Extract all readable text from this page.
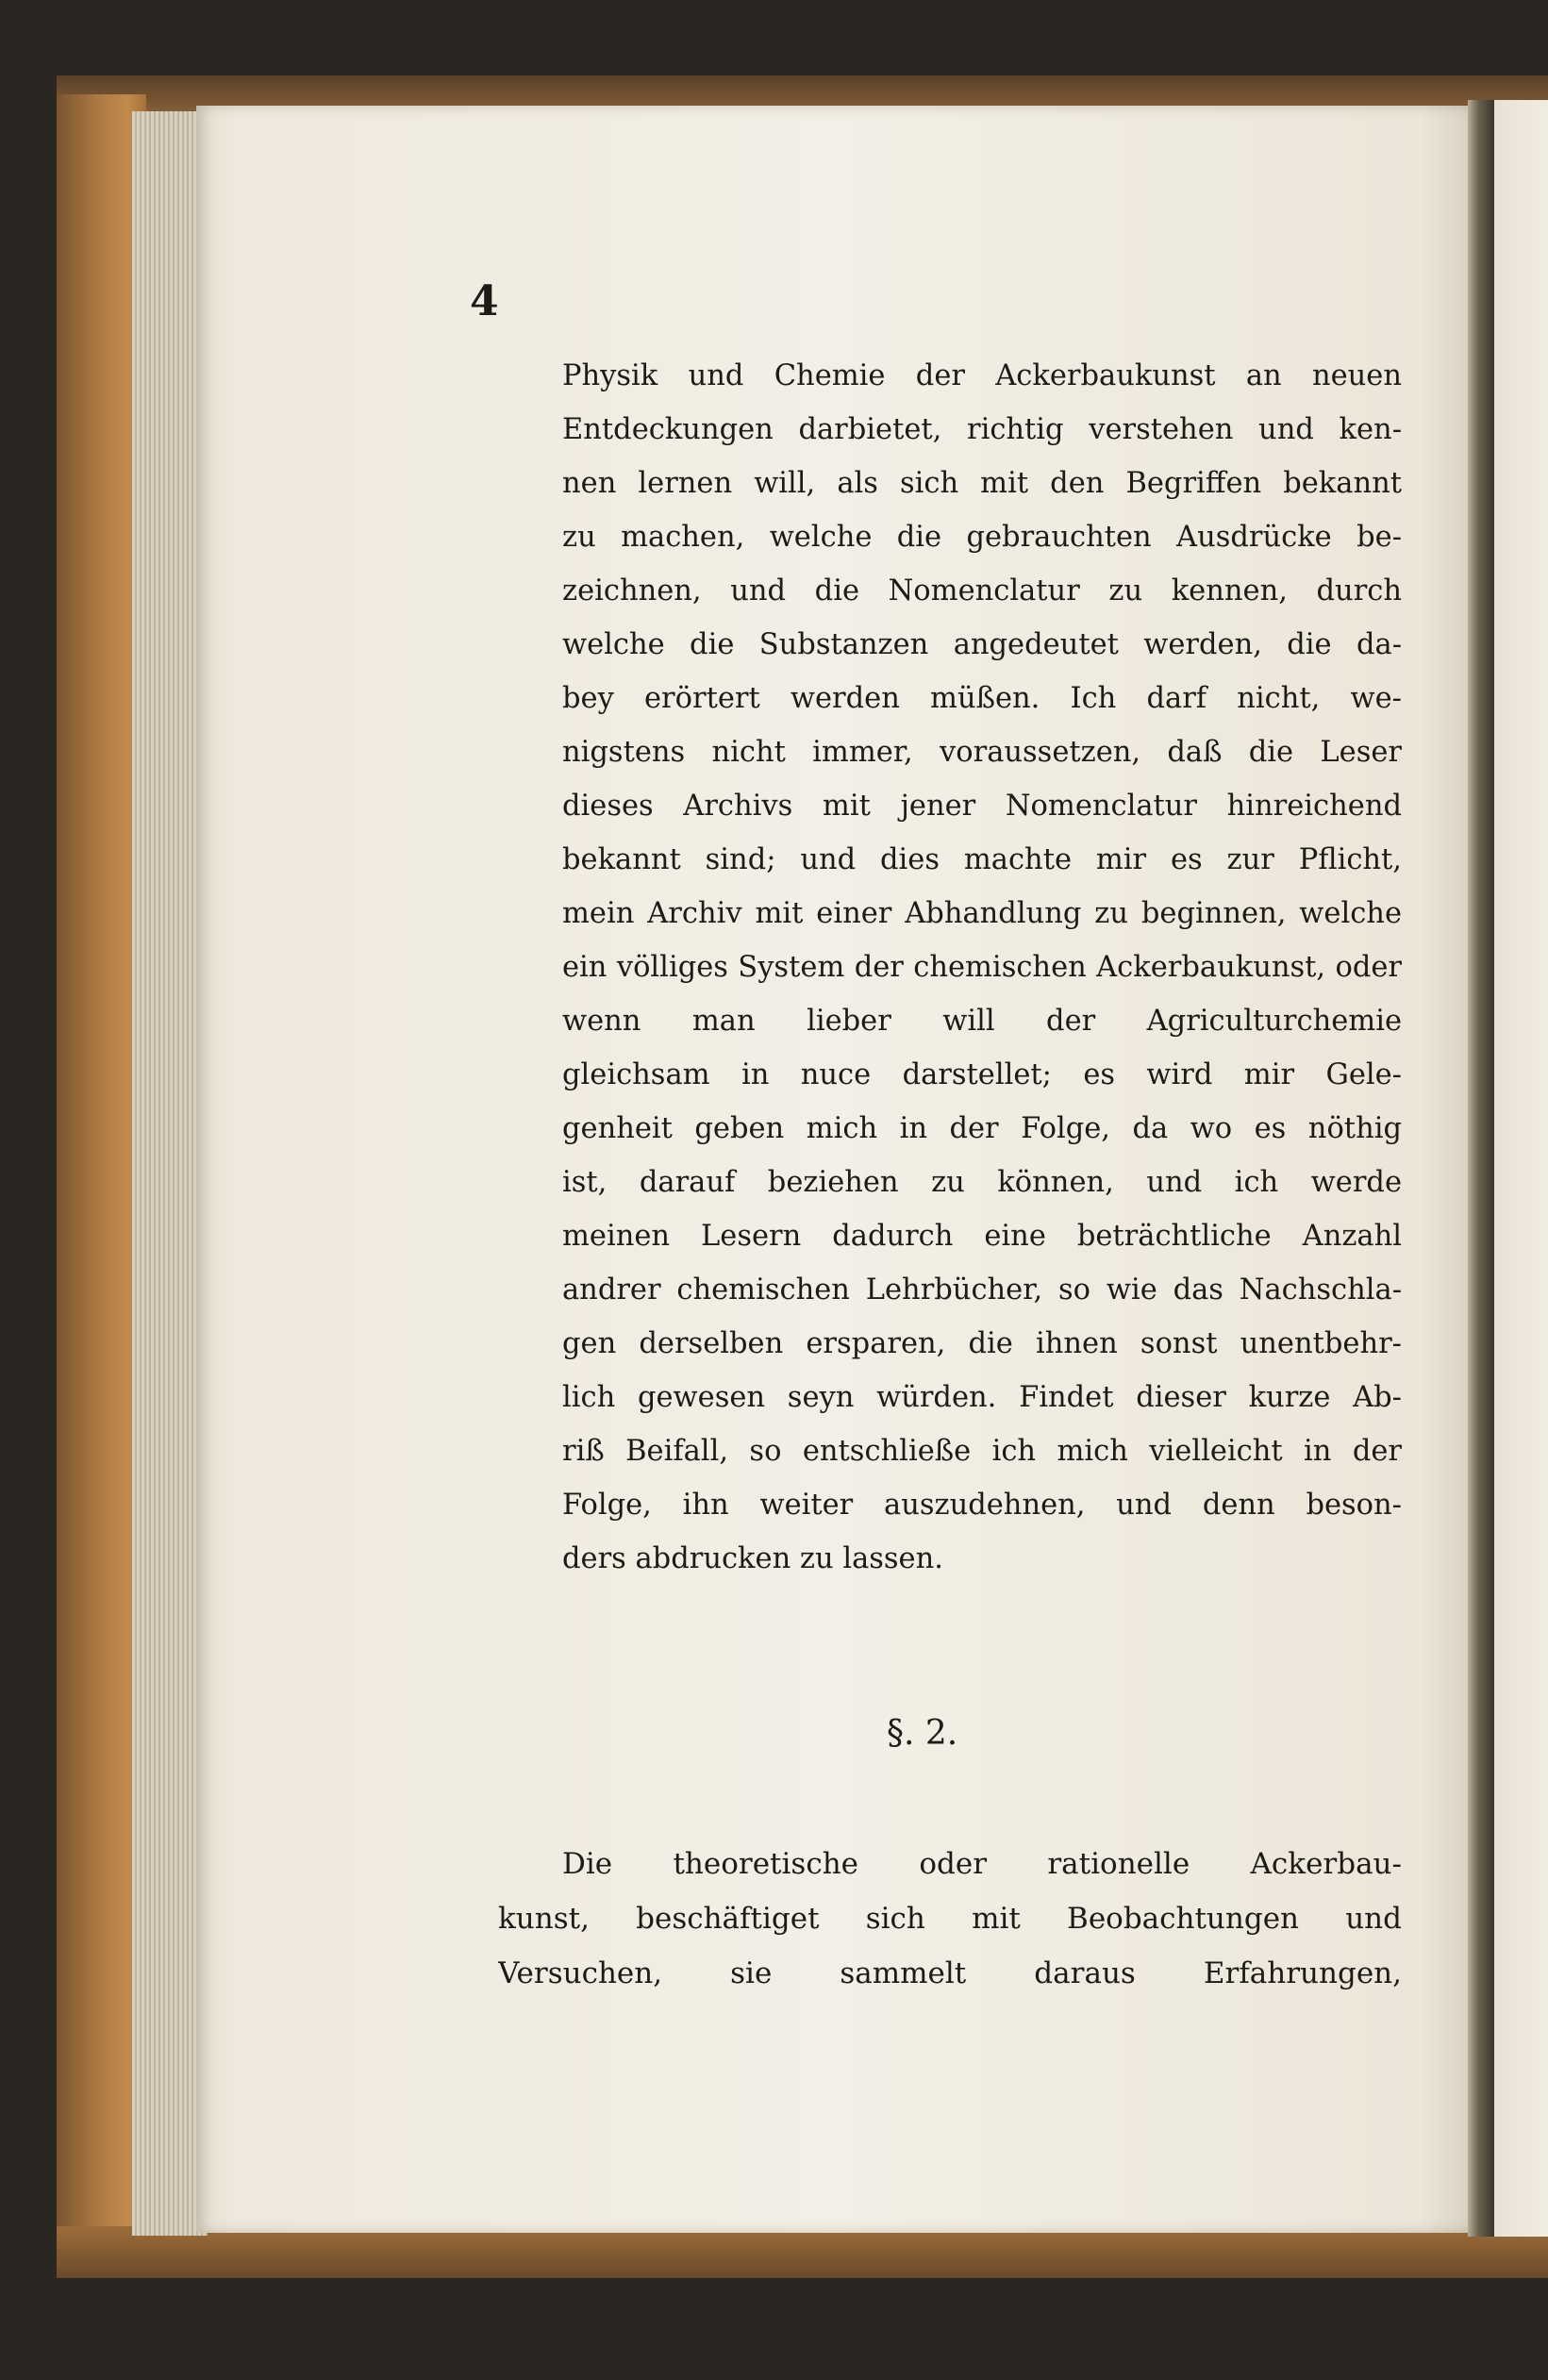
4

Physik und Chemie der Ackerbaukunst an neuen
Entdeckungen darbietet, richtig verstehen und ken-
nen lernen will, als sich mit den Begriffen bekannt
zu machen, welche die gebrauchten Ausdrücke be-
zeichnen, und die Nomenclatur zu kennen, durch
welche die Substanzen angedeutet werden, die da-
bey erörtert werden müßen. Ich darf nicht, we-
nigstens nicht immer, voraussetzen, daß die Leser
dieses Archivs mit jener Nomenclatur hinreichend
bekannt sind; und dies machte mir es zur Pflicht,
mein Archiv mit einer Abhandlung zu beginnen, welche
ein völliges System der chemischen Ackerbaukunst, oder
wenn man lieber will der Agriculturchemie
gleichsam in nuce darstellet; es wird mir Gele-
genheit geben mich in der Folge, da wo es nöthig
ist, darauf beziehen zu können, und ich werde
meinen Lesern dadurch eine beträchtliche Anzahl
andrer chemischen Lehrbücher, so wie das Nachschla-
gen derselben ersparen, die ihnen sonst unentbehr-
lich gewesen seyn würden. Findet dieser kurze Ab-
riß Beifall, so entschließe ich mich vielleicht in der
Folge, ihn weiter auszudehnen, und denn beson-
ders abdrucken zu lassen.

§. 2.

Die theoretische oder rationelle Ackerbau-
kunst, beschäftiget sich mit Beobachtungen und
Versuchen, sie sammelt daraus Erfahrungen,
